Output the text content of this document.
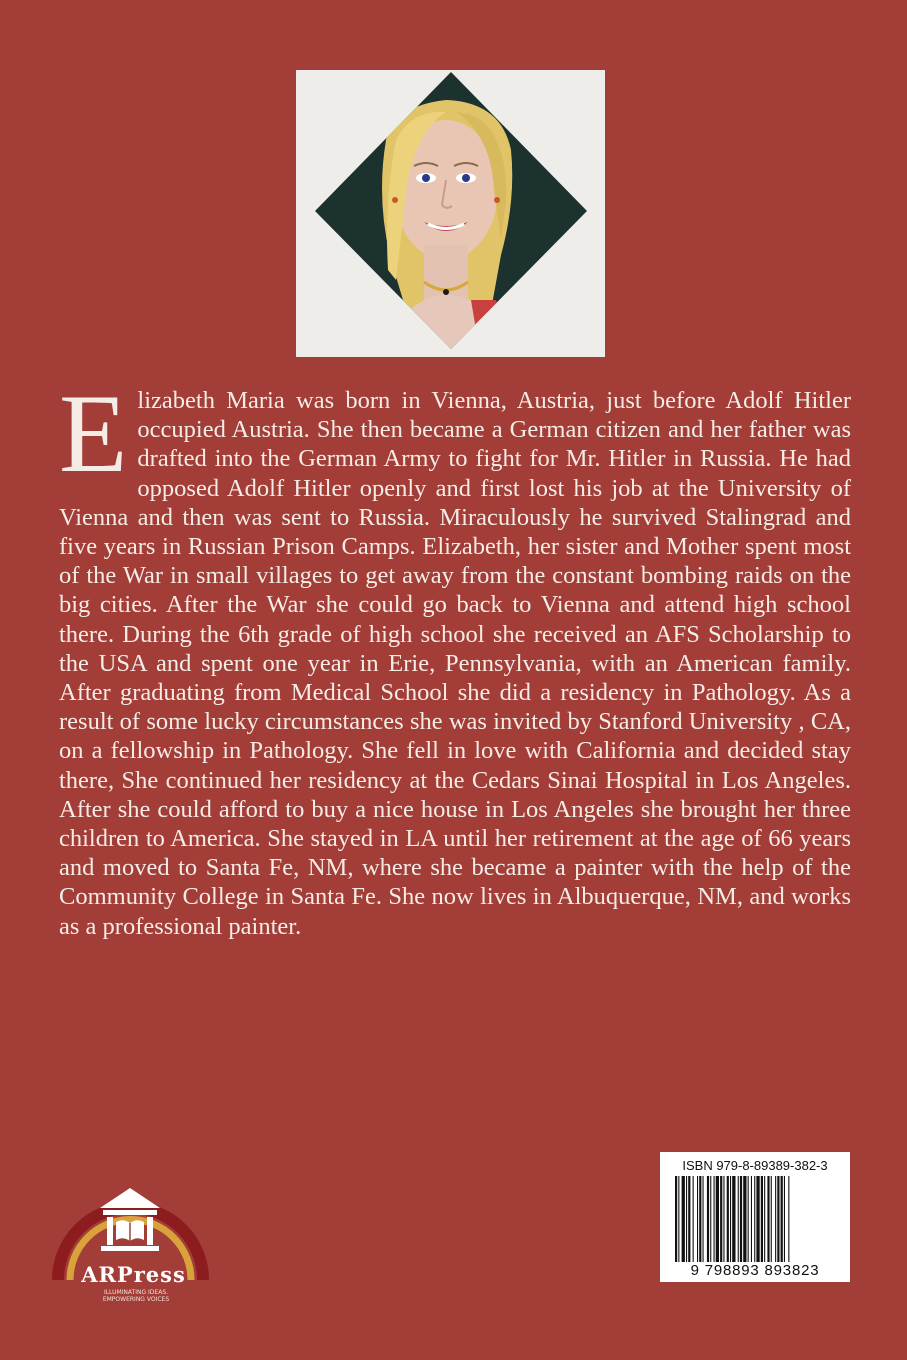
Elizabeth Maria was born in Vienna, Austria, just before Adolf Hitler occupied Austria. She then became a German citizen and her father was drafted into the German Army to fight for Mr. Hitler in Russia. He had opposed Adolf Hitler openly and first lost his job at the University of Vienna and then was sent to Russia. Miraculously he survived Stalingrad and five years in Russian Prison Camps. Elizabeth, her sister and Mother spent most of the War in small villages to get away from the constant bombing raids on the big cities. After the War she could go back to Vienna and attend high school there. During the 6th grade of high school she received an AFS Scholarship to the USA and spent one year in Erie, Pennsylvania, with an American family. After graduating from Medical School she did a residency in Pathology. As a result of some lucky circumstances she was invited by Stanford University , CA, on a fellowship in Pathology. She fell in love with California and decided stay there, She continued her residency at the Cedars Sinai Hospital in Los Angeles. After she could afford to buy a nice house in Los Angeles she brought her three children to America. She stayed in LA until her retirement at the age of 66 years and moved to Santa Fe, NM, where she became a painter with the help of the Community College in Santa Fe. She now lives in Albuquerque, NM, and works as a professional painter.

ARPress
ILLUMINATING IDEAS.
EMPOWERING VOICES
ISBN 979-8-89389-382-3
9 798893 893823
